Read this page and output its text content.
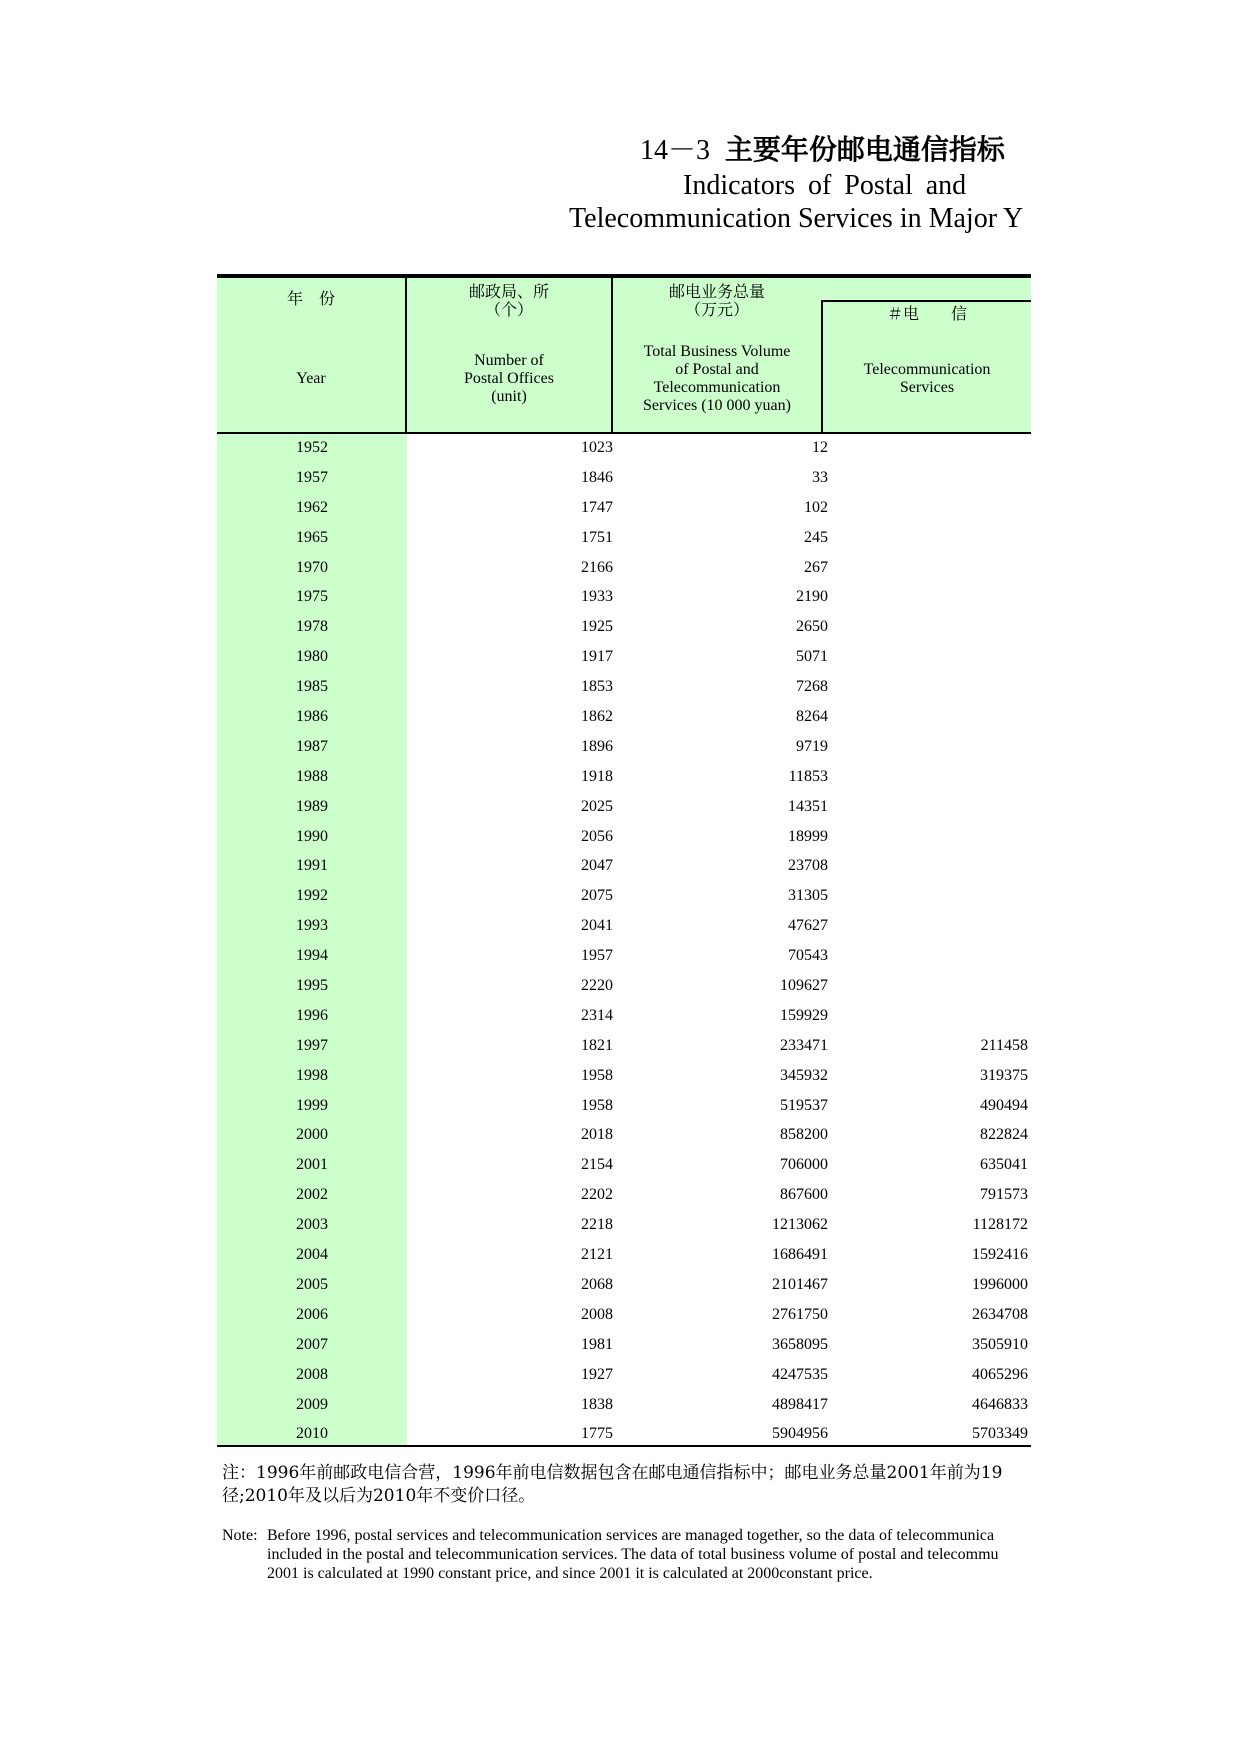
14－3 主要年份邮电通信指标
Indicators of Postal and
Telecommunication Services in Major Y
年　份
Year
邮政局、所
（个）
Number of
Postal Offices
(unit)
邮电业务总量
（万元）
Total Business Volume
of Postal and
Telecommunication
Services (10 000 yuan)
＃电　　信
Telecommunication
Services
1952	1023	12
1957	1846	33
1962	1747	102
1965	1751	245
1970	2166	267
1975	1933	2190
1978	1925	2650
1980	1917	5071
1985	1853	7268
1986	1862	8264
1987	1896	9719
1988	1918	11853
1989	2025	14351
1990	2056	18999
1991	2047	23708
1992	2075	31305
1993	2041	47627
1994	1957	70543
1995	2220	109627
1996	2314	159929
1997	1821	233471	211458
1998	1958	345932	319375
1999	1958	519537	490494
2000	2018	858200	822824
2001	2154	706000	635041
2002	2202	867600	791573
2003	2218	1213062	1128172
2004	2121	1686491	1592416
2005	2068	2101467	1996000
2006	2008	2761750	2634708
2007	1981	3658095	3505910
2008	1927	4247535	4065296
2009	1838	4898417	4646833
2010	1775	5904956	5703349
注：1996年前邮政电信合营，1996年前电信数据包含在邮电通信指标中；邮电业务总量2001年前为19
径;2010年及以后为2010年不变价口径。
Note: Before 1996, postal services and telecommunication services are managed together, so the data of telecommunica
included in the postal and telecommunication services. The data of total business volume of postal and telecommu
2001 is calculated at 1990 constant price, and since 2001 it is calculated at 2000constant price.
